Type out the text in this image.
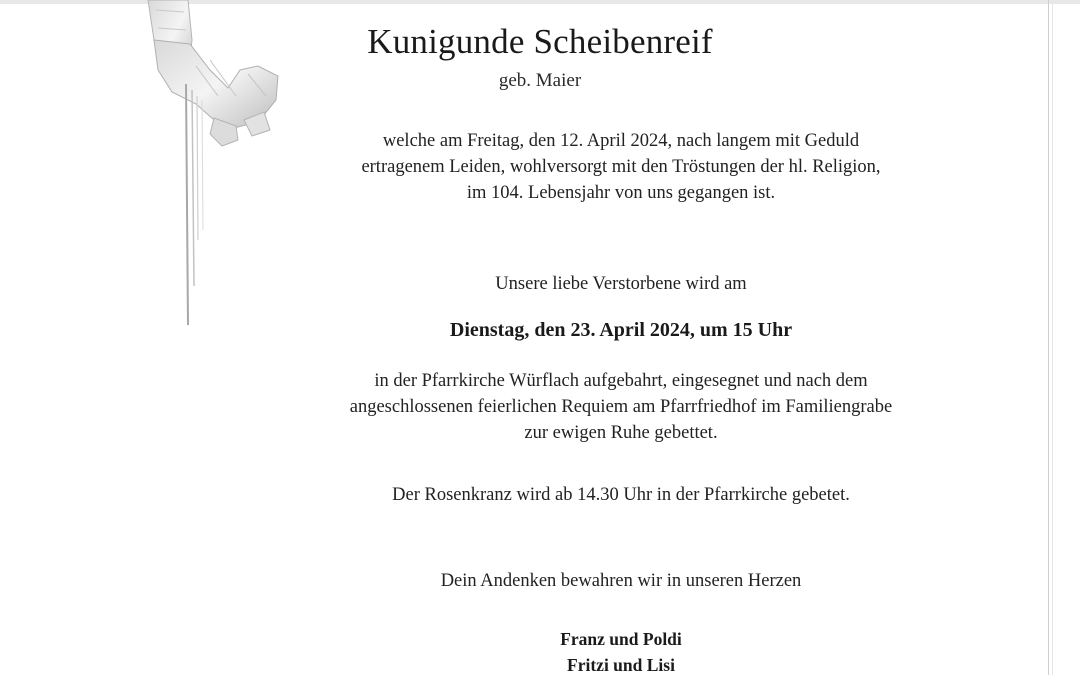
Kunigunde Scheibenreif
geb. Maier
welche am Freitag, den 12. April 2024, nach langem mit Geduld
ertragenem Leiden, wohlversorgt mit den Tröstungen der hl. Religion,
im 104. Lebensjahr von uns gegangen ist.
Unsere liebe Verstorbene wird am
Dienstag, den 23. April 2024, um 15 Uhr
in der Pfarrkirche Würflach aufgebahrt, eingesegnet und nach dem
angeschlossenen feierlichen Requiem am Pfarrfriedhof im Familiengrabe
zur ewigen Ruhe gebettet.
Der Rosenkranz wird ab 14.30 Uhr in der Pfarrkirche gebetet.
Dein Andenken bewahren wir in unseren Herzen
Franz und Poldi
Fritzi und Lisi
